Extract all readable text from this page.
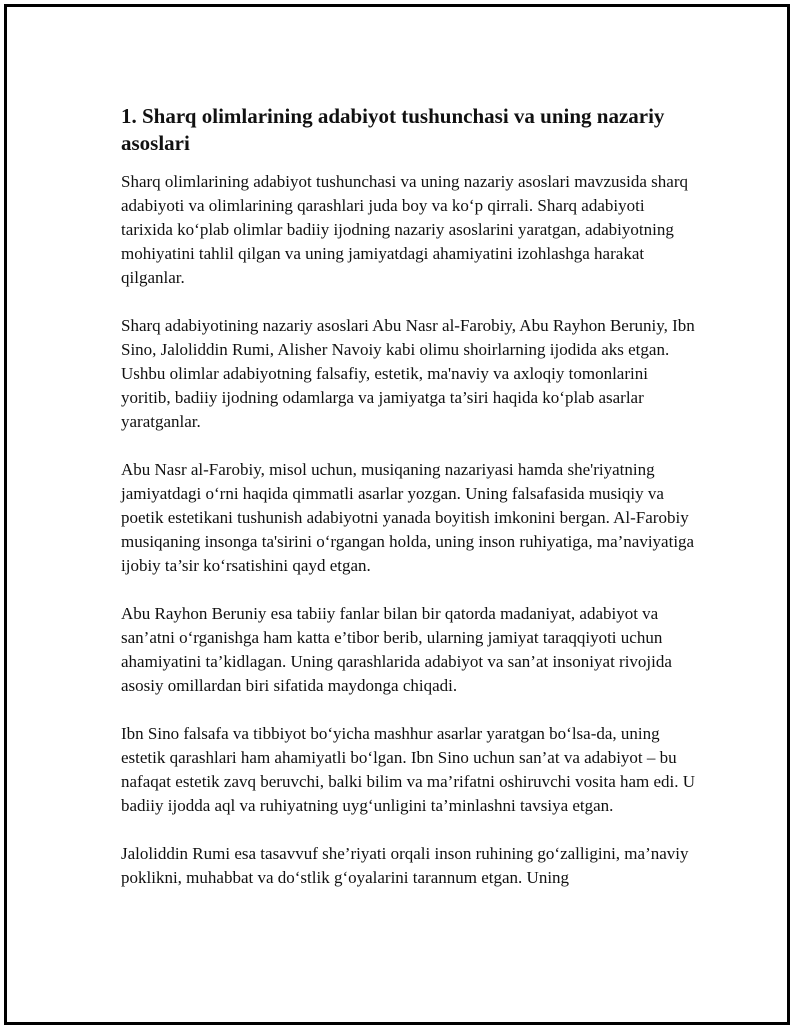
1. Sharq olimlarining adabiyot tushunchasi va uning nazariy asoslari

Sharq olimlarining adabiyot tushunchasi va uning nazariy asoslari mavzusida sharq adabiyoti va olimlarining qarashlari juda boy va ko‘p qirrali. Sharq adabiyoti tarixida ko‘plab olimlar badiiy ijodning nazariy asoslarini yaratgan, adabiyotning mohiyatini tahlil qilgan va uning jamiyatdagi ahamiyatini izohlashga harakat qilganlar.

Sharq adabiyotining nazariy asoslari Abu Nasr al-Farobiy, Abu Rayhon Beruniy, Ibn Sino, Jaloliddin Rumi, Alisher Navoiy kabi olimu shoirlarning ijodida aks etgan. Ushbu olimlar adabiyotning falsafiy, estetik, ma'naviy va axloqiy tomonlarini yoritib, badiiy ijodning odamlarga va jamiyatga ta’siri haqida ko‘plab asarlar yaratganlar.

Abu Nasr al-Farobiy, misol uchun, musiqaning nazariyasi hamda she'riyatning jamiyatdagi o‘rni haqida qimmatli asarlar yozgan. Uning falsafasida musiqiy va poetik estetikani tushunish adabiyotni yanada boyitish imkonini bergan. Al-Farobiy musiqaning insonga ta'sirini o‘rgangan holda, uning inson ruhiyatiga, ma’naviyatiga ijobiy ta’sir ko‘rsatishini qayd etgan.

Abu Rayhon Beruniy esa tabiiy fanlar bilan bir qatorda madaniyat, adabiyot va san’atni o‘rganishga ham katta e’tibor berib, ularning jamiyat taraqqiyoti uchun ahamiyatini ta’kidlagan. Uning qarashlarida adabiyot va san’at insoniyat rivojida asosiy omillardan biri sifatida maydonga chiqadi.

Ibn Sino falsafa va tibbiyot bo‘yicha mashhur asarlar yaratgan bo‘lsa-da, uning estetik qarashlari ham ahamiyatli bo‘lgan. Ibn Sino uchun san’at va adabiyot – bu nafaqat estetik zavq beruvchi, balki bilim va ma’rifatni oshiruvchi vosita ham edi. U badiiy ijodda aql va ruhiyatning uyg‘unligini ta’minlashni tavsiya etgan.

Jaloliddin Rumi esa tasavvuf she’riyati orqali inson ruhining go‘zalligini, ma’naviy poklikni, muhabbat va do‘stlik g‘oyalarini tarannum etgan. Uning
